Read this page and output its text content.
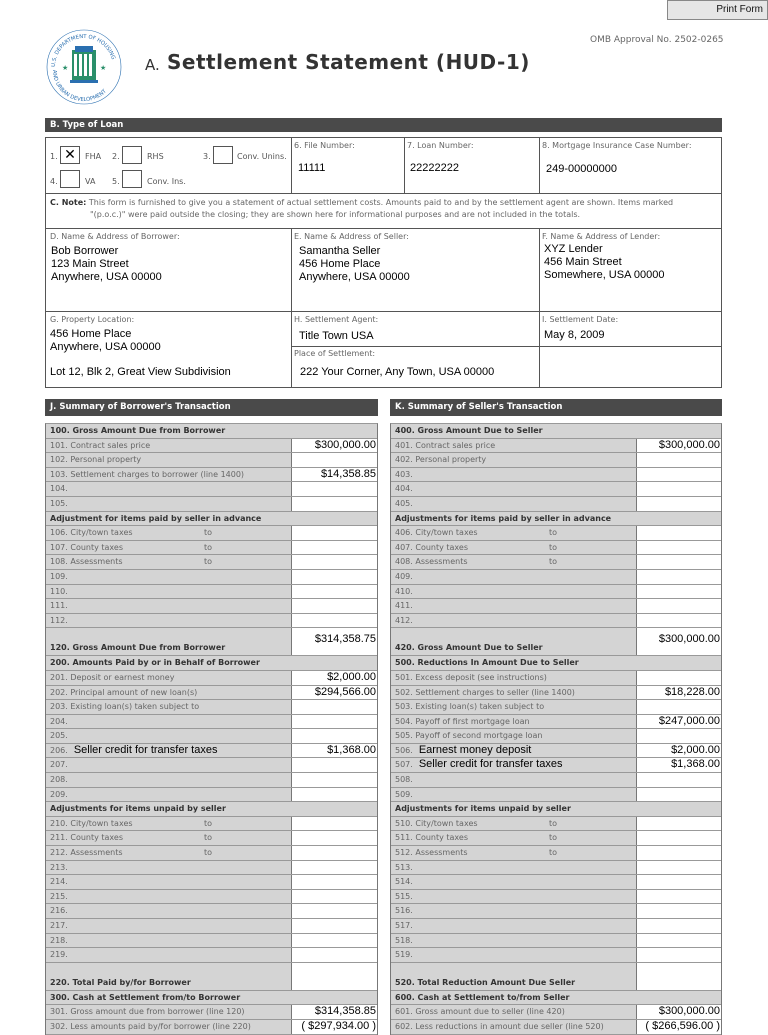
Print Form
U.S. DEPARTMENT OF HOUSING
AND URBAN DEVELOPMENT
★	★	A. Settlement Statement (HUD-1)
OMB Approval No. 2502-0265
B. Type of Loan
1. ✕	FHA 2.	RHS	3.	Conv. Unins.
4.	VA 5.	Conv. Ins.
6. File Number:
11111
7. Loan Number:
22222222
8. Mortgage Insurance Case Number:
249-00000000
C. Note: This form is furnished to give you a statement of actual settlement costs. Amounts paid to and by the settlement agent are shown. Items marked
"(p.o.c.)" were paid outside the closing; they are shown here for informational purposes and are not included in the totals.
D. Name & Address of Borrower:
Bob Borrower
123 Main Street
Anywhere, USA 00000
E. Name & Address of Seller:
Samantha Seller
456 Home Place
Anywhere, USA 00000
F. Name & Address of Lender:
XYZ Lender
456 Main Street
Somewhere, USA 00000
G. Property Location:
456 Home Place
Anywhere, USA 00000
Lot 12, Blk 2, Great View Subdivision
H. Settlement Agent:
Title Town USA
Place of Settlement:
222 Your Corner, Any Town, USA 00000
I. Settlement Date:
May 8, 2009
J. Summary of Borrower's Transaction	K. Summary of Seller's Transaction
100. Gross Amount Due from Borrower
101. Contract sales price	$300,000.00
102. Personal property
103. Settlement charges to borrower (line 1400)	$14,358.85
104.
105.
Adjustment for items paid by seller in advance
106. City/town taxes	to
107. County taxes	to
108. Assessments	to
109.
110.
111.
112.
120. Gross Amount Due from Borrower
$314,358.75
200. Amounts Paid by or in Behalf of Borrower
201. Deposit or earnest money	$2,000.00
202. Principal amount of new loan(s)	$294,566.00
203. Existing loan(s) taken subject to
204.
205.
206. Seller credit for transfer taxes	$1,368.00
207.
208.
209.
Adjustments for items unpaid by seller
210. City/town taxes	to
211. County taxes	to
212. Assessments	to
213.
214.
215.
216.
217.
218.
219.
220. Total Paid by/for Borrower
300. Cash at Settlement from/to Borrower
301. Gross amount due from borrower (line 120)	$314,358.85
302. Less amounts paid by/for borrower (line 220)	( $297,934.00 )
400. Gross Amount Due to Seller
401. Contract sales price	$300,000.00
402. Personal property
403.
404.
405.
Adjustments for items paid by seller in advance
406. City/town taxes	to
407. County taxes	to
408. Assessments	to
409.
410.
411.
412.
420. Gross Amount Due to Seller
$300,000.00
500. Reductions In Amount Due to Seller
501. Excess deposit (see instructions)
502. Settlement charges to seller (line 1400)	$18,228.00
503. Existing loan(s) taken subject to
504. Payoff of first mortgage loan	$247,000.00
505. Payoff of second mortgage loan
506. Earnest money deposit	$2,000.00
507. Seller credit for transfer taxes	$1,368.00
508.
509.
Adjustments for items unpaid by seller
510. City/town taxes	to
511. County taxes	to
512. Assessments	to
513.
514.
515.
516.
517.
518.
519.
520. Total Reduction Amount Due Seller
600. Cash at Settlement to/from Seller
601. Gross amount due to seller (line 420)	$300,000.00
602. Less reductions in amount due seller (line 520)	( $266,596.00 )
